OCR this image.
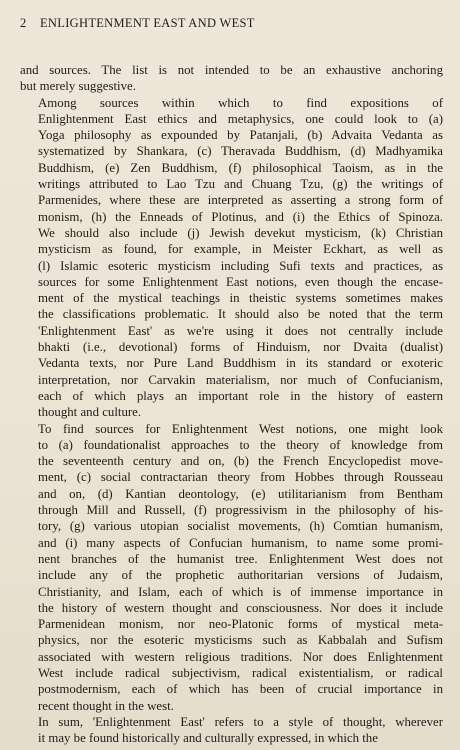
2 ENLIGHTENMENT EAST AND WEST

and sources. The list is not intended to be an exhaustive anchoring
but merely suggestive.

Among sources within which to find expositions of
Enlightenment East ethics and metaphysics, one could look to (a)
Yoga philosophy as expounded by Patanjali, (b) Advaita Vedanta as
systematized by Shankara, (c) Theravada Buddhism, (d) Madhyamika
Buddhism, (e) Zen Buddhism, (f) philosophical Taoism, as in the
writings attributed to Lao Tzu and Chuang Tzu, (g) the writings of
Parmenides, where these are interpreted as asserting a strong form of
monism, (h) the Enneads of Plotinus, and (i) the Ethics of Spinoza.
We should also include (j) Jewish devekut mysticism, (k) Christian
mysticism as found, for example, in Meister Eckhart, as well as
(l) Islamic esoteric mysticism including Sufi texts and practices, as
sources for some Enlightenment East notions, even though the encase-
ment of the mystical teachings in theistic systems sometimes makes
the classifications problematic. It should also be noted that the term
'Enlightenment East' as we're using it does not centrally include
bhakti (i.e., devotional) forms of Hinduism, nor Dvaita (dualist)
Vedanta texts, nor Pure Land Buddhism in its standard or exoteric
interpretation, nor Carvakin materialism, nor much of Confucianism,
each of which plays an important role in the history of eastern
thought and culture.

To find sources for Enlightenment West notions, one might look
to (a) foundationalist approaches to the theory of knowledge from
the seventeenth century and on, (b) the French Encyclopedist move-
ment, (c) social contractarian theory from Hobbes through Rousseau
and on, (d) Kantian deontology, (e) utilitarianism from Bentham
through Mill and Russell, (f) progressivism in the philosophy of his-
tory, (g) various utopian socialist movements, (h) Comtian humanism,
and (i) many aspects of Confucian humanism, to name some promi-
nent branches of the humanist tree. Enlightenment West does not
include any of the prophetic authoritarian versions of Judaism,
Christianity, and Islam, each of which is of immense importance in
the history of western thought and consciousness. Nor does it include
Parmenidean monism, nor neo-Platonic forms of mystical meta-
physics, nor the esoteric mysticisms such as Kabbalah and Sufism
associated with western religious traditions. Nor does Enlightenment
West include radical subjectivism, radical existentialism, or radical
postmodernism, each of which has been of crucial importance in
recent thought in the west.

In sum, 'Enlightenment East' refers to a style of thought, wherever
it may be found historically and culturally expressed, in which the
